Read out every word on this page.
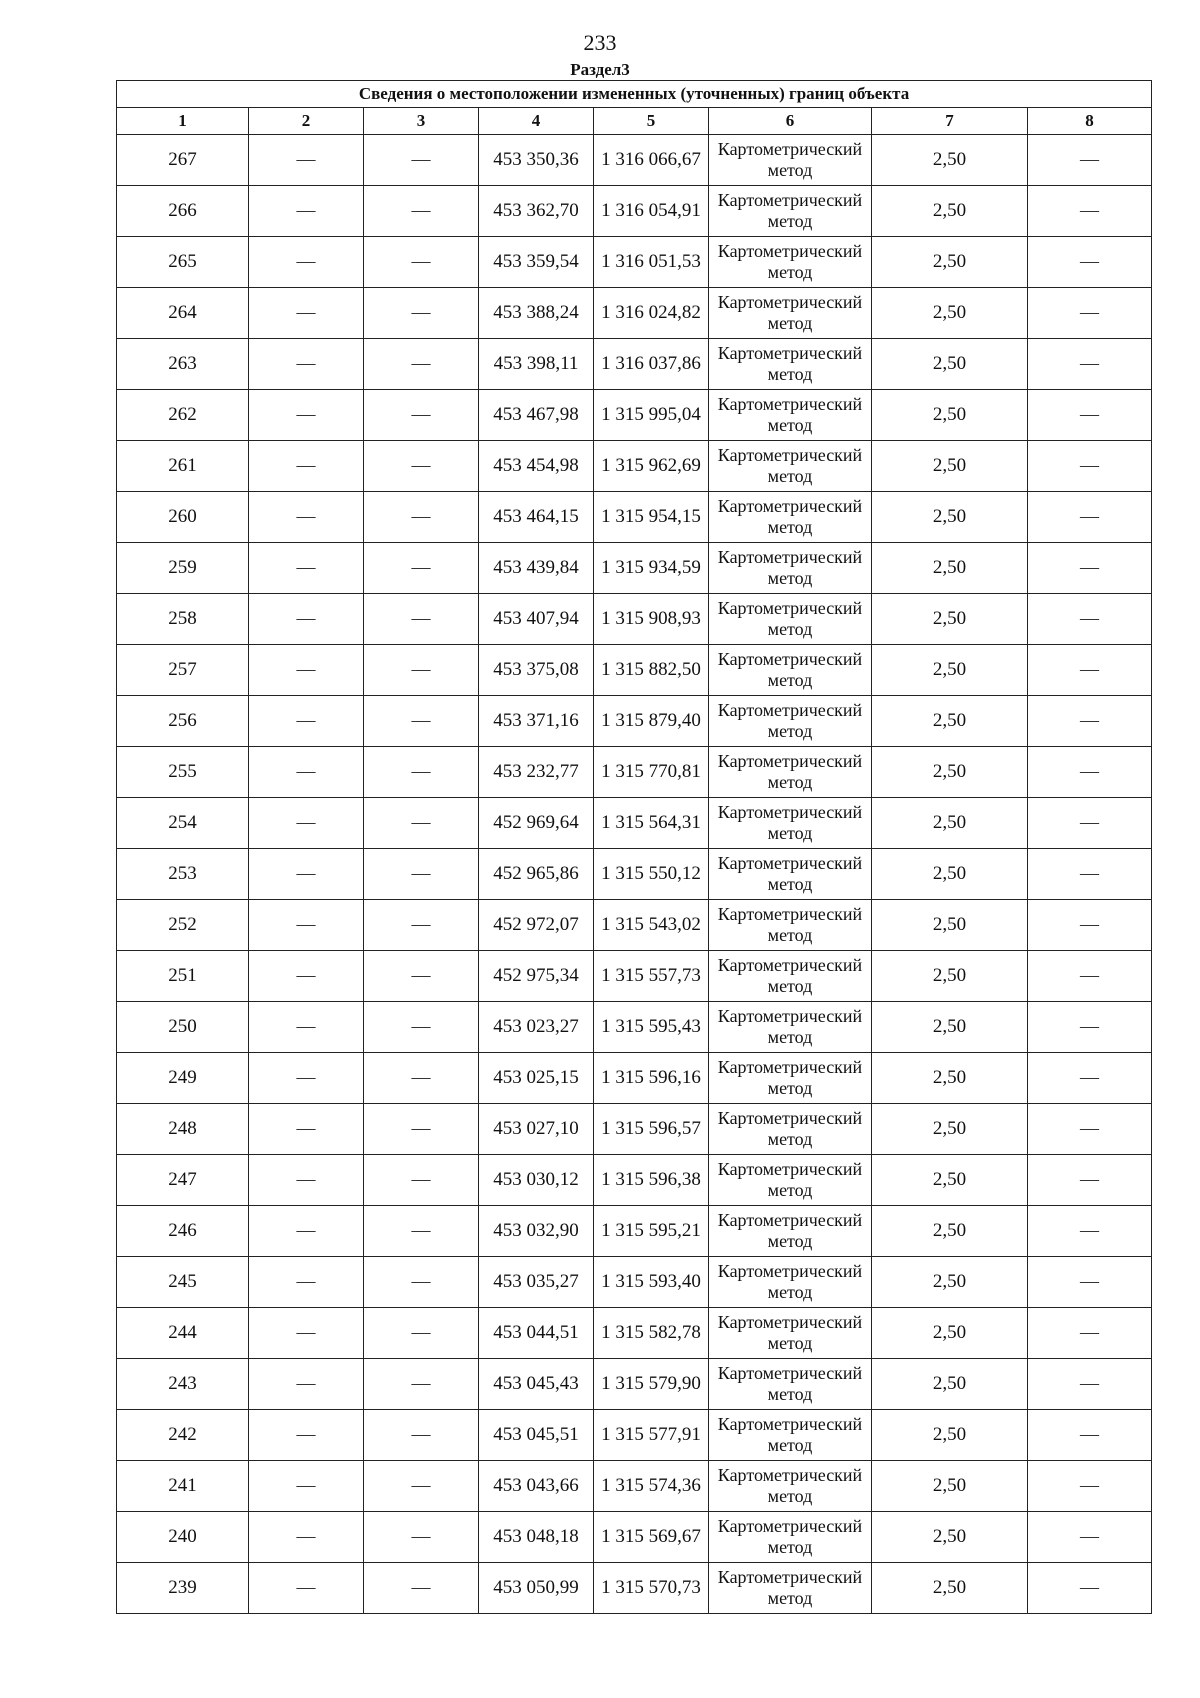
233
Раздел3
Сведения о местоположении измененных (уточненных) границ объекта							
1	2	3	4	5	6	7	8
267	—	—	453 350,36	1 316 066,67	Картометрический метод	2,50	—
266	—	—	453 362,70	1 316 054,91	Картометрический метод	2,50	—
265	—	—	453 359,54	1 316 051,53	Картометрический метод	2,50	—
264	—	—	453 388,24	1 316 024,82	Картометрический метод	2,50	—
263	—	—	453 398,11	1 316 037,86	Картометрический метод	2,50	—
262	—	—	453 467,98	1 315 995,04	Картометрический метод	2,50	—
261	—	—	453 454,98	1 315 962,69	Картометрический метод	2,50	—
260	—	—	453 464,15	1 315 954,15	Картометрический метод	2,50	—
259	—	—	453 439,84	1 315 934,59	Картометрический метод	2,50	—
258	—	—	453 407,94	1 315 908,93	Картометрический метод	2,50	—
257	—	—	453 375,08	1 315 882,50	Картометрический метод	2,50	—
256	—	—	453 371,16	1 315 879,40	Картометрический метод	2,50	—
255	—	—	453 232,77	1 315 770,81	Картометрический метод	2,50	—
254	—	—	452 969,64	1 315 564,31	Картометрический метод	2,50	—
253	—	—	452 965,86	1 315 550,12	Картометрический метод	2,50	—
252	—	—	452 972,07	1 315 543,02	Картометрический метод	2,50	—
251	—	—	452 975,34	1 315 557,73	Картометрический метод	2,50	—
250	—	—	453 023,27	1 315 595,43	Картометрический метод	2,50	—
249	—	—	453 025,15	1 315 596,16	Картометрический метод	2,50	—
248	—	—	453 027,10	1 315 596,57	Картометрический метод	2,50	—
247	—	—	453 030,12	1 315 596,38	Картометрический метод	2,50	—
246	—	—	453 032,90	1 315 595,21	Картометрический метод	2,50	—
245	—	—	453 035,27	1 315 593,40	Картометрический метод	2,50	—
244	—	—	453 044,51	1 315 582,78	Картометрический метод	2,50	—
243	—	—	453 045,43	1 315 579,90	Картометрический метод	2,50	—
242	—	—	453 045,51	1 315 577,91	Картометрический метод	2,50	—
241	—	—	453 043,66	1 315 574,36	Картометрический метод	2,50	—
240	—	—	453 048,18	1 315 569,67	Картометрический метод	2,50	—
239	—	—	453 050,99	1 315 570,73	Картометрический метод	2,50	—
